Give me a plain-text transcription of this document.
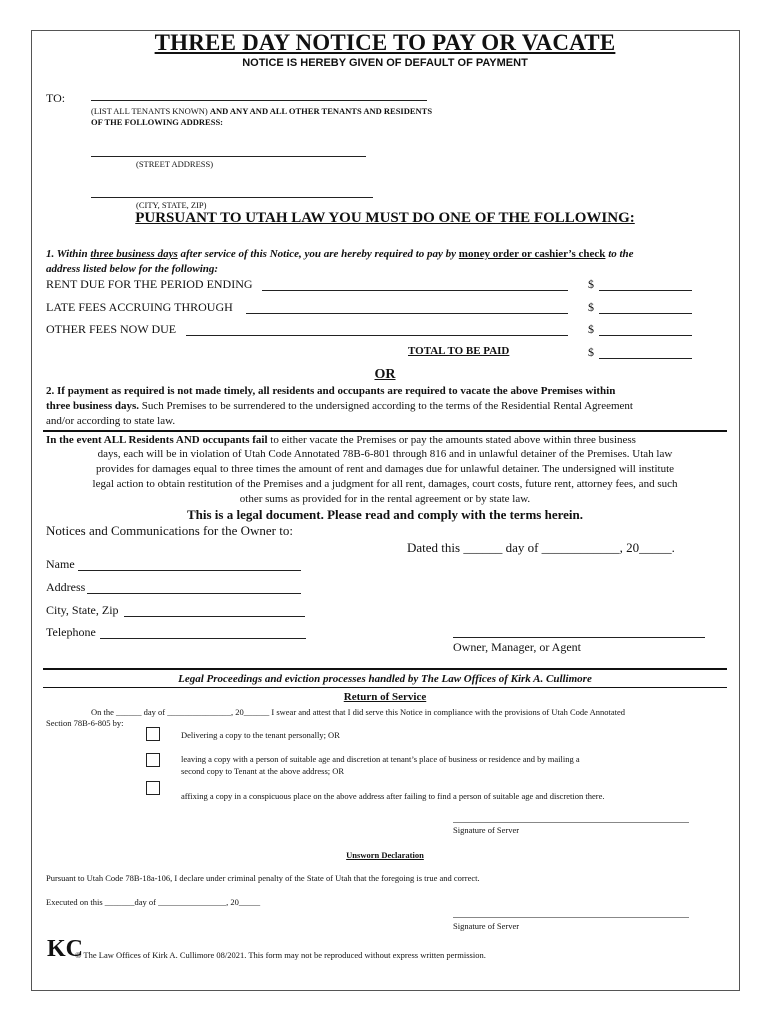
THREE DAY NOTICE TO PAY OR VACATE
NOTICE IS HEREBY GIVEN OF DEFAULT OF PAYMENT
TO:
(LIST ALL TENANTS KNOWN) AND ANY AND ALL OTHER TENANTS AND RESIDENTS
OF THE FOLLOWING ADDRESS:
(STREET ADDRESS)
(CITY, STATE, ZIP)
PURSUANT TO UTAH LAW YOU MUST DO ONE OF THE FOLLOWING:
1. Within three business days after service of this Notice, you are hereby required to pay by money order or cashier’s check to the
address listed below for the following:
RENT DUE FOR THE PERIOD ENDING	$
LATE FEES ACCRUING THROUGH	$
OTHER FEES NOW DUE	$
TOTAL TO BE PAID	$
OR
2. If payment as required is not made timely, all residents and occupants are required to vacate the above Premises within
three business days. Such Premises to be surrendered to the undersigned according to the terms of the Residential Rental Agreement
and/or according to state law.
In the event ALL Residents AND occupants fail to either vacate the Premises or pay the amounts stated above within three business
days, each will be in violation of Utah Code Annotated 78B-6-801 through 816 and in unlawful detainer of the Premises. Utah law
provides for damages equal to three times the amount of rent and damages due for unlawful detainer. The undersigned will institute
legal action to obtain restitution of the Premises and a judgment for all rent, damages, court costs, future rent, attorney fees, and such
other sums as provided for in the rental agreement or by state law.
This is a legal document. Please read and comply with the terms herein.
Notices and Communications for the Owner to:
Dated this ______ day of ____________, 20_____.
Name
Address
City, State, Zip
Telephone
Owner, Manager, or Agent
Legal Proceedings and eviction processes handled by The Law Offices of Kirk A. Cullimore
Return of Service
On the ______ day of _______________, 20______ I swear and attest that I did serve this Notice in compliance with the provisions of Utah Code Annotated
Section 78B-6-805 by:
Delivering a copy to the tenant personally; OR
leaving a copy with a person of suitable age and discretion at tenant’s place of business or residence and by mailing a
second copy to Tenant at the above address; OR
affixing a copy in a conspicuous place on the above address after failing to find a person of suitable age and discretion there.
Signature of Server
Unsworn Declaration
Pursuant to Utah Code 78B-18a-106, I declare under criminal penalty of the State of Utah that the foregoing is true and correct.
Executed on this _______day of ________________, 20_____
Signature of Server
KC
© The Law Offices of Kirk A. Cullimore 08/2021. This form may not be reproduced without express written permission.
